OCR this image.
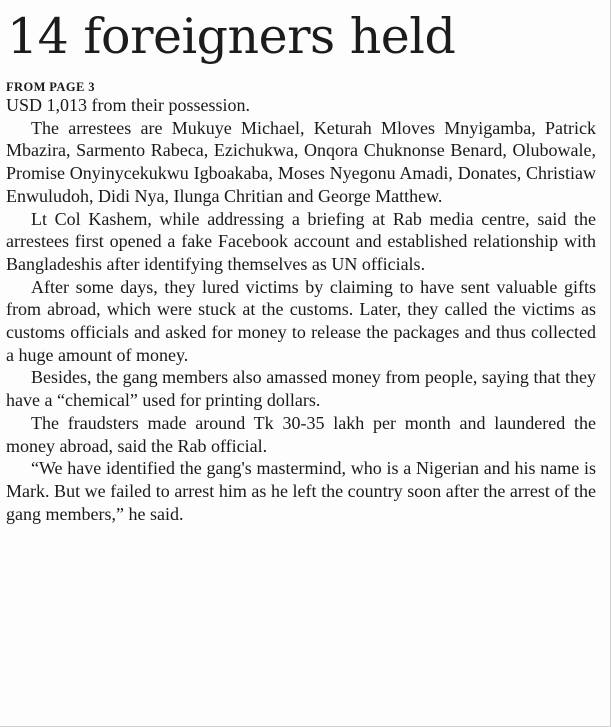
14 foreigners held
FROM PAGE 3

USD 1,013 from their possession.

The arrestees are Mukuye Michael, Keturah Mloves Mnyigamba, Patrick Mbazira, Sarmento Rabeca, Ezichukwa, Onqora Chuknonse Benard, Olubowale, Promise Onyinycekukwu Igboakaba, Moses Nyegonu Amadi, Donates, Christiaw Enwuludoh, Didi Nya, Ilunga Chritian and George Matthew.

Lt Col Kashem, while addressing a briefing at Rab media centre, said the arrestees first opened a fake Facebook account and established relationship with Bangladeshis after identifying themselves as UN officials.

After some days, they lured victims by claiming to have sent valuable gifts from abroad, which were stuck at the customs. Later, they called the victims as customs officials and asked for money to release the packages and thus collected a huge amount of money.

Besides, the gang members also amassed money from people, saying that they have a “chemical” used for printing dollars.

The fraudsters made around Tk 30-35 lakh per month and laundered the money abroad, said the Rab official.

“We have identified the gang's mastermind, who is a Nigerian and his name is Mark. But we failed to arrest him as he left the country soon after the arrest of the gang members,” he said.
